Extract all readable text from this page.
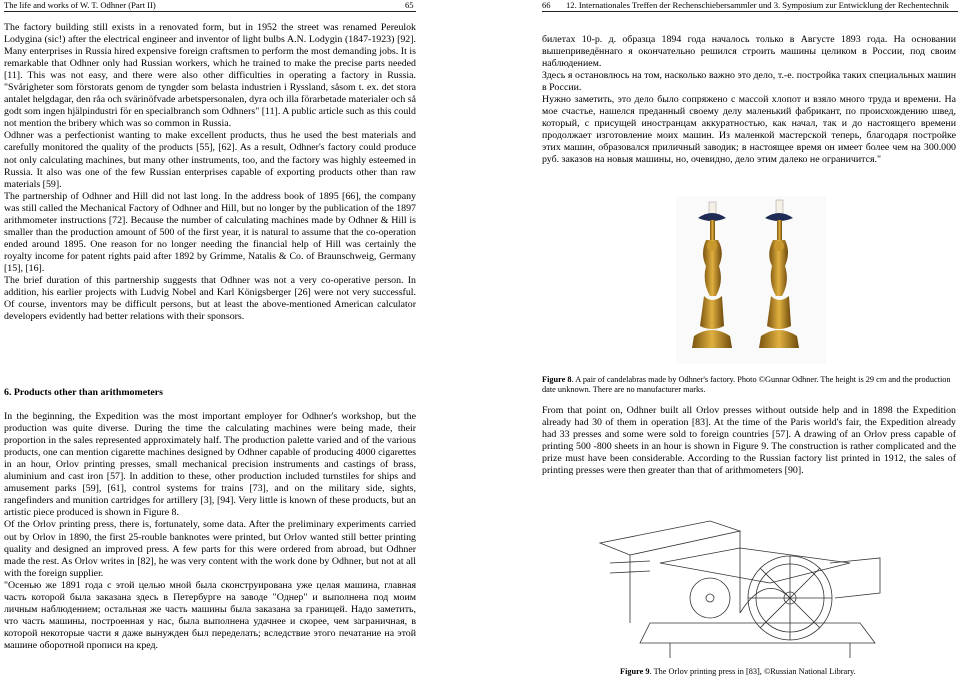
The life and works of W. T. Odhner (Part II)	65	66 12. Internationales Treffen der Rechenschiebersammler und 3. Symposium zur Entwicklung der Rechentechnik

The factory building still exists in a renovated form, but in 1952 the street was renamed Pereulok Lodygina (sic!) after the electrical engineer and inventor of light bulbs A.N. Lodygin (1847-1923) [92]. Many enterprises in Russia hired expensive foreign craftsmen to perform the most demanding jobs. It is remarkable that Odhner only had Russian workers, which he trained to make the precise parts needed [11]. This was not easy, and there were also other difficulties in operating a factory in Russia. "Svårigheter som förstorats genom de tyngder som belasta industrien i Ryssland, såsom t. ex. det stora antalet helgdagar, den råa och svärinöfvade arbetspersonalen, dyra och illa förarbetade materialer och så godt som ingen hjälpindustri för en specialbranch som Odhners" [11]. A public article such as this could not mention the bribery which was so common in Russia.

Odhner was a perfectionist wanting to make excellent products, thus he used the best materials and carefully monitored the quality of the products [55], [62]. As a result, Odhner's factory could produce not only calculating machines, but many other instruments, too, and the factory was highly esteemed in Russia. It also was one of the few Russian enterprises capable of exporting products other than raw materials [59].

The partnership of Odhner and Hill did not last long. In the address book of 1895 [66], the company was still called the Mechanical Factory of Odhner and Hill, but no longer by the publication of the 1897 arithmometer instructions [72]. Because the number of calculating machines made by Odhner & Hill is smaller than the production amount of 500 of the first year, it is natural to assume that the co-operation ended around 1895. One reason for no longer needing the financial help of Hill was certainly the royalty income for patent rights paid after 1892 by Grimme, Natalis & Co. of Braunschweig, Germany [15], [16].

The brief duration of this partnership suggests that Odhner was not a very co-operative person. In addition, his earlier projects with Ludvig Nobel and Karl Königsberger [26] were not very successful. Of course, inventors may be difficult persons, but at least the above-mentioned American calculator developers evidently had better relations with their sponsors.

6. Products other than arithmometers

In the beginning, the Expedition was the most important employer for Odhner's workshop, but the production was quite diverse. During the time the calculating machines were being made, their proportion in the sales represented approximately half. The production palette varied and of the various products, one can mention cigarette machines designed by Odhner capable of producing 4000 cigarettes in an hour, Orlov printing presses, small mechanical precision instruments and castings of brass, aluminium and cast iron [57]. In addition to these, other production included turnstiles for ships and amusement parks [59], [61], control systems for trains [73], and on the military side, sights, rangefinders and munition cartridges for artillery [3], [94]. Very little is known of these products, but an artistic piece produced is shown in Figure 8.

Of the Orlov printing press, there is, fortunately, some data. After the preliminary experiments carried out by Orlov in 1890, the first 25-rouble banknotes were printed, but Orlov wanted still better printing quality and designed an improved press. A few parts for this were ordered from abroad, but Odhner made the rest. As Orlov writes in [82], he was very content with the work done by Odhner, but not at all with the foreign supplier.

"Осенью же 1891 года с этой целью мной была сконструирована уже целая машина, главная часть которой была заказана здесь в Петербурге на заводе "Однер" и выполнена под моим личным наблюдением; остальная же часть машины была заказана за границей. Надо заметить, что часть машины, построенная у нас, была выполнена удачнее и скорее, чем заграничная, в которой некоторые части я даже вынужден был переделать; вследствие этого печатание на этой машине оборотной прописи на кред.

билетах 10-р. д. образца 1894 года началось только в Августе 1893 года. На основании вышеприведённаго я окончательно решился строить машины целиком в России, под своим наблюдением.

Здесь я остановлюсь на том, насколько важно это дело, т.-е. постройка таких специальных машин в России.

Нужно заметить, это дело было сопряжено с массой хлопот и взяло много труда и времени. На мое счастье, нашелся преданный своему делу маленький фабрикант, по происхождению швед, который, с присущей иностранцам аккуратностью, как начал, так и до настоящего времени продолжает изготовление моих машин. Из маленкой мастерской теперь, благодаря постройке этих машин, образовался приличный заводик; в настоящее время он имеет более чем на 300.000 руб. заказов на новыя машины, но, очевидно, дело этим далеко не ограничится."

Figure 8. A pair of candelabras made by Odhner's factory. Photo ©Gunnar Odhner. The height is 29 cm and the production date unknown. There are no manufacturer marks.

From that point on, Odhner built all Orlov presses without outside help and in 1898 the Expedition already had 30 of them in operation [83]. At the time of the Paris world's fair, the Expedition already had 33 presses and some were sold to foreign countries [57]. A drawing of an Orlov press capable of printing 500 -800 sheets in an hour is shown in Figure 9. The construction is rather complicated and the prize must have been considerable. According to the Russian factory list printed in 1912, the sales of printing presses were then greater than that of arithmometers [90].

Figure 9. The Orlov printing press in [83], ©Russian National Library.
